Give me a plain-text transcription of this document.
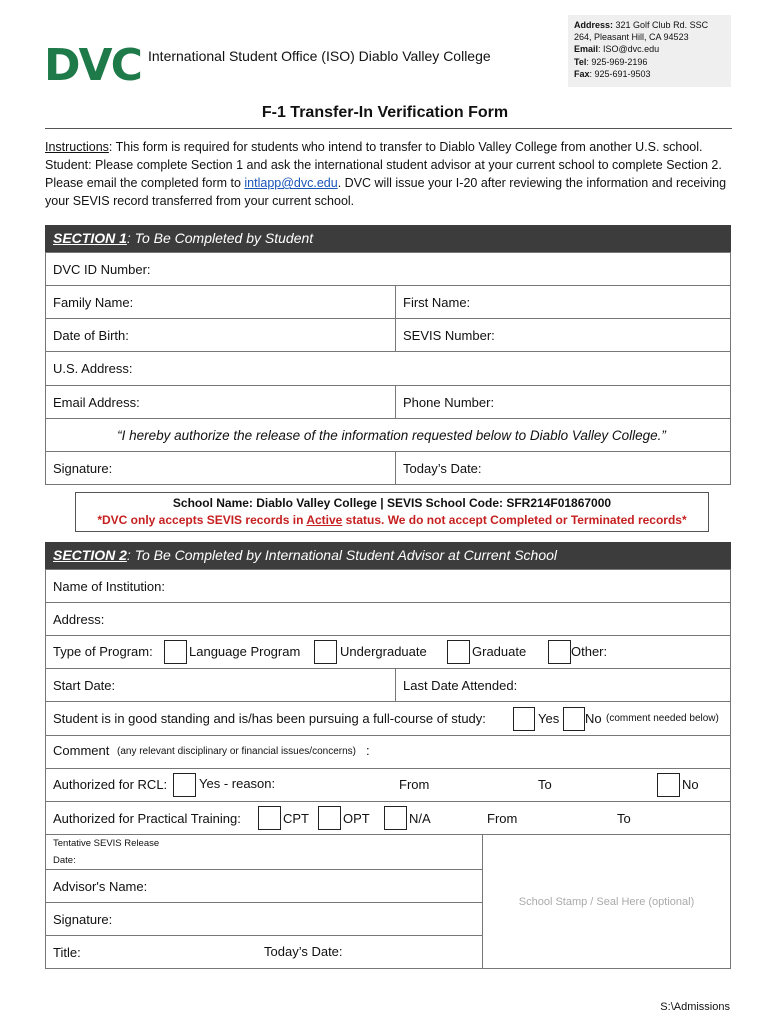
DVC International Student Office (ISO) Diablo Valley College
Address: 321 Golf Club Rd. SSC
264, Pleasant Hill, CA 94523
Email: ISO@dvc.edu
Tel: 925-969-2196
Fax: 925-691-9503
F-1 Transfer-In Verification Form
Instructions: This form is required for students who intend to transfer to Diablo Valley College from another U.S. school. Student: Please complete Section 1 and ask the international student advisor at your current school to complete Section 2. Please email the completed form to intlapp@dvc.edu. DVC will issue your I-20 after reviewing the information and receiving your SEVIS record transferred from your current school.
SECTION 1: To Be Completed by Student
DVC ID Number:
Family Name:	First Name:
Date of Birth:	SEVIS Number:
U.S. Address:
Email Address:	Phone Number:
“I hereby authorize the release of the information requested below to Diablo Valley College.”
Signature:	Today’s Date:
School Name: Diablo Valley College | SEVIS School Code: SFR214F01867000
*DVC only accepts SEVIS records in Active status. We do not accept Completed or Terminated records*
SECTION 2: To Be Completed by International Student Advisor at Current School
Name of Institution:
Address:
Type of Program:	Language Program	Undergraduate	Graduate	Other:
Start Date:	Last Date Attended:
Student is in good standing and is/has been pursuing a full-course of study:	Yes No (comment needed below)
Comment (any relevant disciplinary or financial issues/concerns) :
Authorized for RCL: Yes - reason:	From	To	No
Authorized for Practical Training:	CPT	OPT	N/A	From	To
Tentative SEVIS Release
Date:
Advisor's Name:
Signature:
Title:	Today’s Date:
School Stamp / Seal Here (optional)
S:\Admissions
